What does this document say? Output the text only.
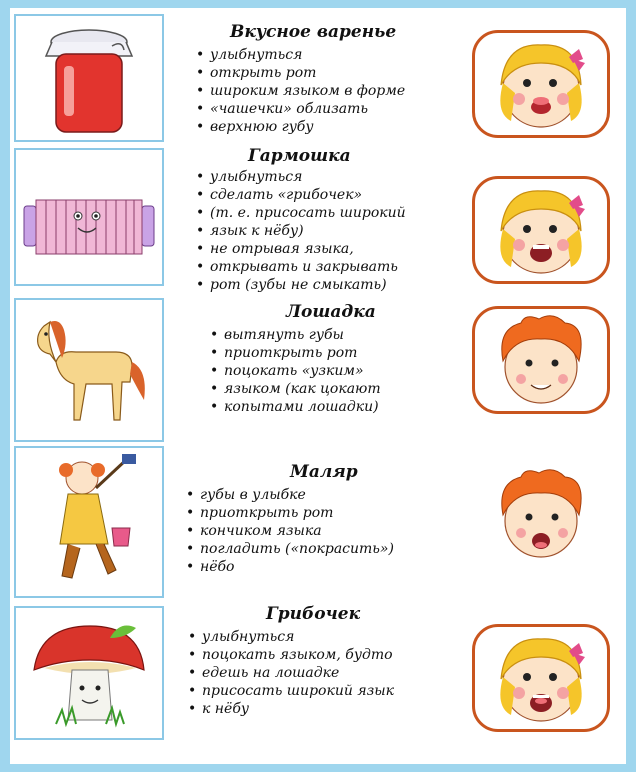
Вкусное варенье
• улыбнуться
• открыть рот
• широким языком в форме
• «чашечки» облизать
• верхнюю губу
Гармошка
• улыбнуться
• сделать «грибочек»
• (т. е. присосать широкий
• язык к нёбу)
• не отрывая языка,
• открывать и закрывать
• рот (зубы не смыкать)
Лошадка
• вытянуть губы
• приоткрыть рот
• поцокать «узким»
• языком (как цокают
• копытами лошадки)
Маляр
• губы в улыбке
• приоткрыть рот
• кончиком языка
• погладить («покрасить»)
• нёбо
Грибочек
• улыбнуться
• поцокать языком, будто
• едешь на лошадке
• присосать широкий язык
• к нёбу
